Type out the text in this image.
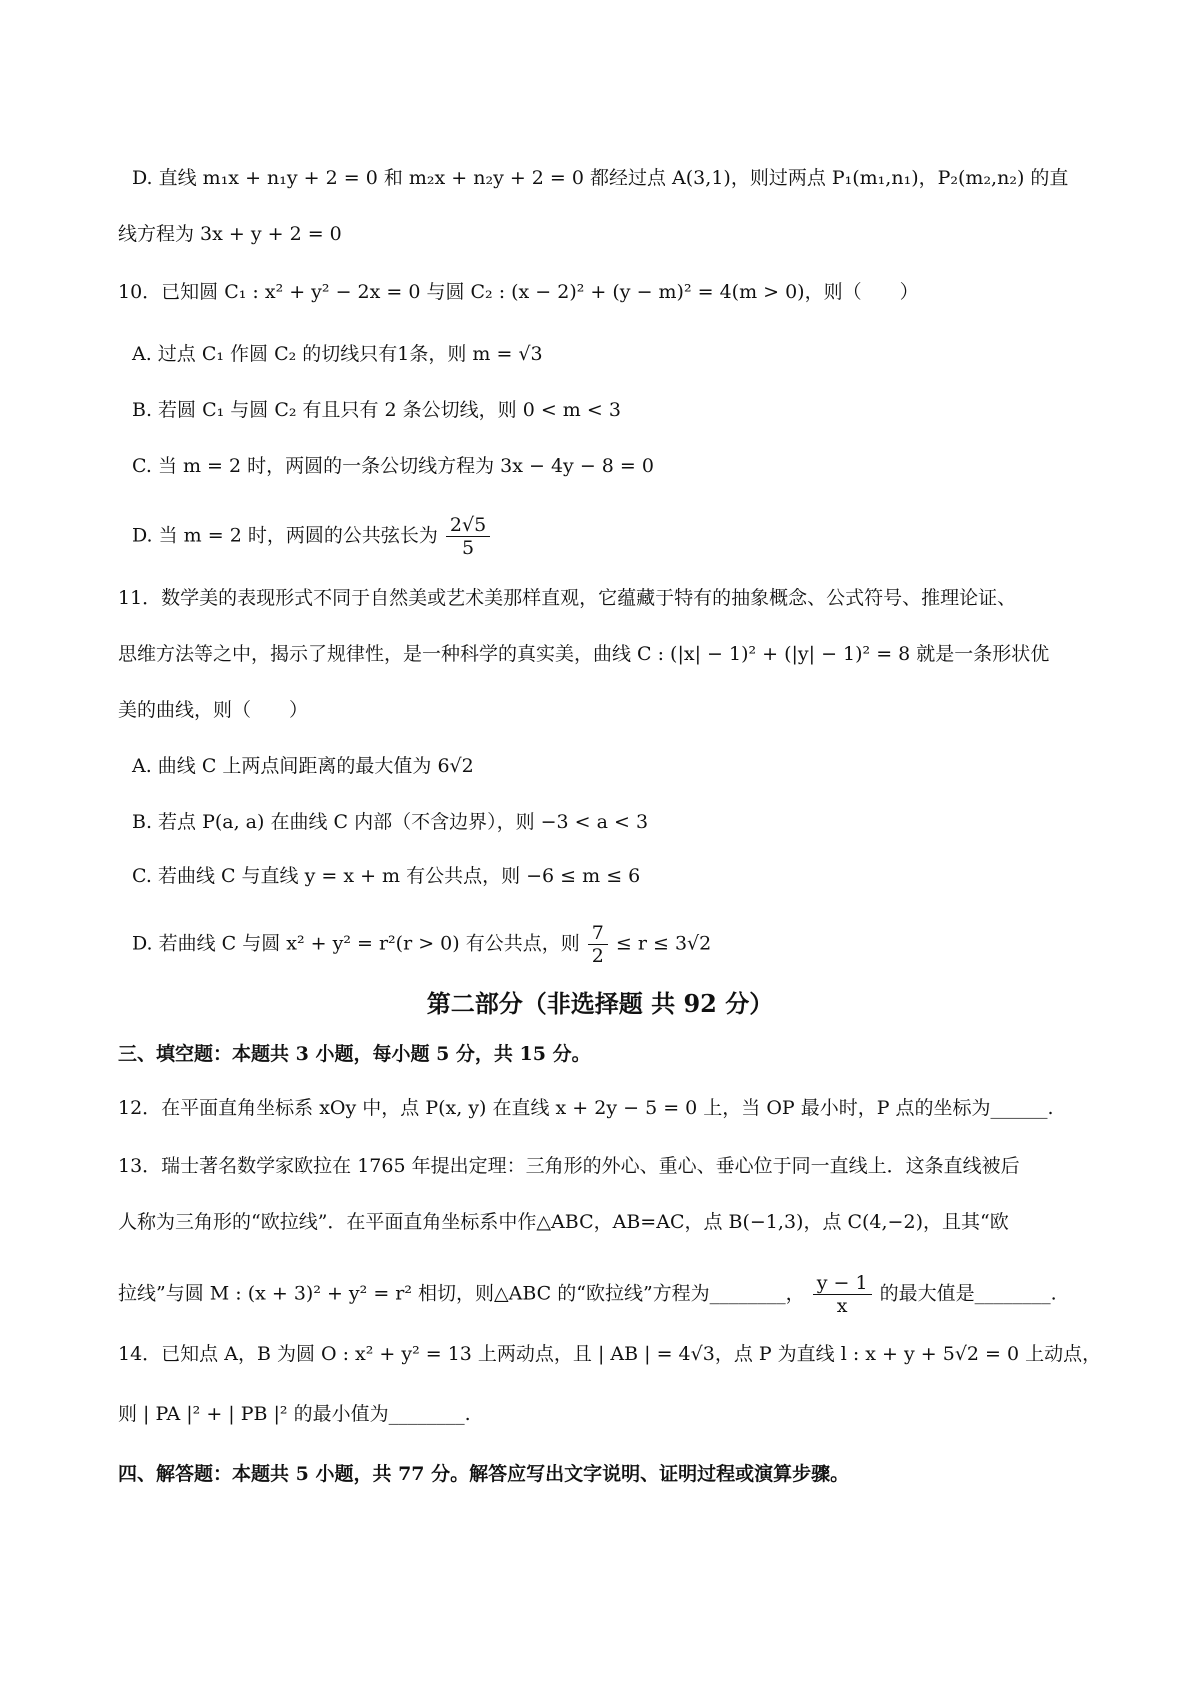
D. 直线 m₁x + n₁y + 2 = 0 和 m₂x + n₂y + 2 = 0 都经过点 A(3,1)，则过两点 P₁(m₁,n₁)，P₂(m₂,n₂) 的直
线方程为 3x + y + 2 = 0
10．已知圆 C₁ : x² + y² − 2x = 0 与圆 C₂ : (x − 2)² + (y − m)² = 4(m > 0)，则（　　）
A. 过点 C₁ 作圆 C₂ 的切线只有1条，则 m = √3
B. 若圆 C₁ 与圆 C₂ 有且只有 2 条公切线，则 0 < m < 3
C. 当 m = 2 时，两圆的一条公切线方程为 3x − 4y − 8 = 0
D. 当 m = 2 时，两圆的公共弦长为 $\frac{2√5}{5}$
11．数学美的表现形式不同于自然美或艺术美那样直观，它蕴藏于特有的抽象概念、公式符号、推理论证、
思维方法等之中，揭示了规律性，是一种科学的真实美，曲线 C : (|x| − 1)² + (|y| − 1)² = 8 就是一条形状优
美的曲线，则（　　）
A. 曲线 C 上两点间距离的最大值为 6√2
B. 若点 P(a, a) 在曲线 C 内部（不含边界），则 −3 < a < 3
C. 若曲线 C 与直线 y = x + m 有公共点，则 −6 ≤ m ≤ 6
D. 若曲线 C 与圆 x² + y² = r²(r > 0) 有公共点，则 $\frac{7}{2} \le r \le 3√2$
第二部分（非选择题 共 92 分）
三、填空题：本题共 3 小题，每小题 5 分，共 15 分。
12．在平面直角坐标系 xOy 中，点 P(x, y) 在直线 x + 2y − 5 = 0 上，当 OP 最小时，P 点的坐标为______.
13．瑞士著名数学家欧拉在 1765 年提出定理：三角形的外心、重心、垂心位于同一直线上．这条直线被后
人称为三角形的“欧拉线”．在平面直角坐标系中作△ABC，AB=AC，点 B(−1,3)，点 C(4,−2)，且其“欧
拉线”与圆 M : (x + 3)² + y² = r² 相切，则△ABC 的“欧拉线”方程为________， $\frac{y - 1}{x}$ 的最大值是________.
14．已知点 A，B 为圆 O : x² + y² = 13 上两动点，且 | AB | = 4√3，点 P 为直线 l : x + y + 5√2 = 0 上动点，
则 | PA |² + | PB |² 的最小值为________.
四、解答题：本题共 5 小题，共 77 分。解答应写出文字说明、证明过程或演算步骤。
